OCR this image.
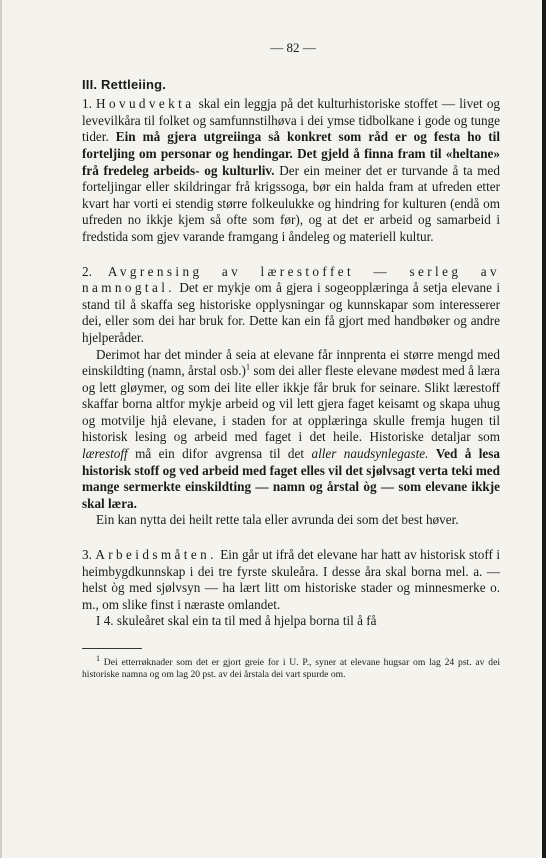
— 82 —
III. Rettleiing.

1. Hovudvekta skal ein leggja på det kulturhistoriske stoffet — livet og levevilkåra til folket og samfunnstilhøva i dei ymse tidbolkane i gode og tunge tider. Ein må gjera utgreiinga så konkret som råd er og festa ho til forteljing om personar og hendingar. Det gjeld å finna fram til «heltane» frå fredeleg arbeids- og kulturliv. Der ein meiner det er turvande å ta med forteljingar eller skildringar frå krigssoga, bør ein halda fram at ufreden etter kvart har vorti ei stendig større folkeulukke og hindring for kulturen (endå om ufreden no ikkje kjem så ofte som før), og at det er arbeid og samarbeid i fredstida som gjev varande framgang i åndeleg og materiell kultur.

2. Avgrensing av lærestoffet — serleg av namnogtal. Det er mykje om å gjera i sogeopplæringa å setja elevane i stand til å skaffa seg historiske opplysningar og kunnskapar som interesserer dei, eller som dei har bruk for. Dette kan ein få gjort med handbøker og andre hjelperåder.

Derimot har det minder å seia at elevane får innprenta ei større mengd med einskildting (namn, årstal osb.)$^1$ som dei aller fleste elevane mødest med å læra og lett gløymer, og som dei lite eller ikkje får bruk for seinare. Slikt lærestoff skaffar borna altfor mykje arbeid og vil lett gjera faget keisamt og skapa uhug og motvilje hjå elevane, i staden for at opplæringa skulle fremja hugen til historisk lesing og arbeid med faget i det heile. Historiske detaljar som lærestoff må ein difor avgrensa til det aller naudsynlegaste. Ved å lesa historisk stoff og ved arbeid med faget elles vil det sjølvsagt verta teki med mange sermerkte einskildting — namn og årstal òg — som elevane ikkje skal læra.

Ein kan nytta dei heilt rette tala eller avrunda dei som det best høver.

3. Arbeidsmåten. Ein går ut ifrå det elevane har hatt av historisk stoff i heimbygdkunnskap i dei tre fyrste skuleåra. I desse åra skal borna mel. a. — helst òg med sjølvsyn — ha lært litt om historiske stader og minnesmerke o. m., om slike finst i næraste omlandet.

I 4. skuleåret skal ein ta til med å hjelpa borna til å få

$^1$ Dei etterrøknader som det er gjort greie for i U. P., syner at elevane hugsar om lag 24 pst. av dei historiske namna og om lag 20 pst. av dei årstala dei vart spurde om.
